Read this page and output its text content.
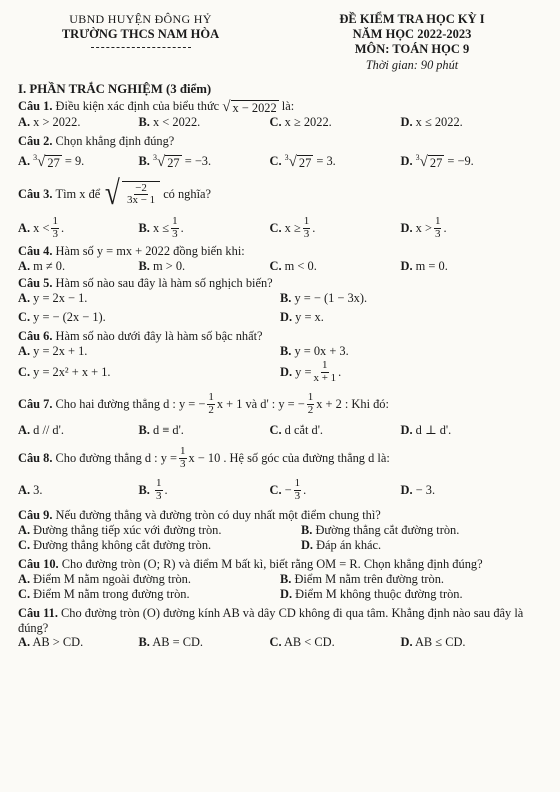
UBND HUYỆN ĐÔNG HỶ
TRƯỜNG THCS NAM HÒA
ĐỀ KIỂM TRA HỌC KỲ I
NĂM HỌC 2022-2023
MÔN: TOÁN HỌC 9
Thời gian: 90 phút
I. PHẦN TRẮC NGHIỆM (3 điểm)
Câu 1. Điều kiện xác định của biểu thức √ x − 2022 là:
A. x > 2022.	B. x < 2022.	C. x ≥ 2022.	D. x ≤ 2022.
Câu 2. Chọn khẳng định đúng?
A. $^3$ √ 27 = 9.	B. $^3$ √ 27 = −3.	C. $^3$ √ 27 = 3.	D. $^3$ √ 27 = −9.
Câu 3.
Tìm x để √ $\frac{-2}{3x - 1}$ có nghĩa?
A.
$x < \frac{1}{3}$ .	B.
$x \le \frac{1}{3}$ .	C.
$x \ge \frac{1}{3}$ .	D.
$x > \frac{1}{3}$ .
Câu 4. Hàm số y = mx + 2022 đồng biến khi:
A. m ≠ 0.	B. m > 0.	C. m < 0.	D. m = 0.
Câu 5. Hàm số nào sau đây là hàm số nghịch biến?
A. y = 2x − 1.	B. y = − (1 − 3x).
C. y = − (2x − 1).	D. y = x.
Câu 6. Hàm số nào dưới đây là hàm số bậc nhất?
A. y = 2x + 1.	B. y = 0x + 3.
C.
y = 2x² + x + 1.	D.
$y = \frac{1}{x + 1}$ .
Câu 7.
Cho hai đường thẳng d : y = − $\frac{1}{2}$ x + 1 và d' : y = − $\frac{1}{2}$ x + 2 : Khi đó:
A. d // d'.	B. d ≡ d'.	C. d cắt d'.	D. d ⊥ d'.
Câu 8.
Cho đường thẳng d : $y = \frac{1}{3}$ x − 10 . Hệ số góc của đường thẳng d là:
A.
3.	B.
$\frac{1}{3}$ .	C.
− $\frac{1}{3}$ .	D.
− 3.
Câu 9. Nếu đường thẳng và đường tròn có duy nhất một điểm chung thì?
A. Đường thẳng tiếp xúc với đường tròn.	B. Đường thẳng cắt đường tròn.
C. Đường thẳng không cắt đường tròn.	D. Đáp án khác.
Câu 10. Cho đường tròn (O; R) và điểm M bất kì, biết rằng OM = R. Chọn khẳng định đúng?
A. Điểm M nằm ngoài đường tròn.	B. Điểm M nằm trên đường tròn.
C. Điểm M nằm trong đường tròn.	D. Điểm M không thuộc đường tròn.
Câu 11. Cho đường tròn (O) đường kính AB và dây CD không đi qua tâm. Khẳng định nào sau đây là đúng?
A. AB > CD.	B. AB = CD.	C. AB < CD.	D. AB ≤ CD.
